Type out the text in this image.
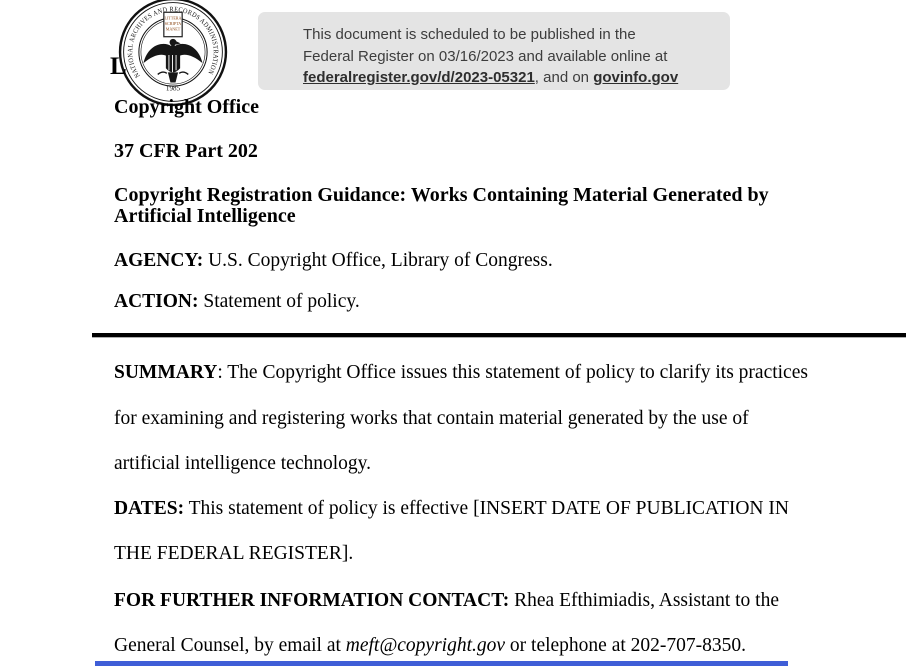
This document is scheduled to be published in the
Federal Register on 03/16/2023 and available online at
federalregister.gov/d/2023-05321, and on govinfo.gov
NATIONAL ARCHIVES AND RECORDS ADMINISTRATION
1985
LITTERA
SCRIPTA
MANET
L
Copyright Office
37 CFR Part 202
Copyright Registration Guidance: Works Containing Material Generated by
Artificial Intelligence
AGENCY: U.S. Copyright Office, Library of Congress.
ACTION: Statement of policy.
SUMMARY: The Copyright Office issues this statement of policy to clarify its practices
for examining and registering works that contain material generated by the use of
artificial intelligence technology.
DATES: This statement of policy is effective [INSERT DATE OF PUBLICATION IN
THE FEDERAL REGISTER].
FOR FURTHER INFORMATION CONTACT: Rhea Efthimiadis, Assistant to the
General Counsel, by email at meft@copyright.gov or telephone at 202-707-8350.
